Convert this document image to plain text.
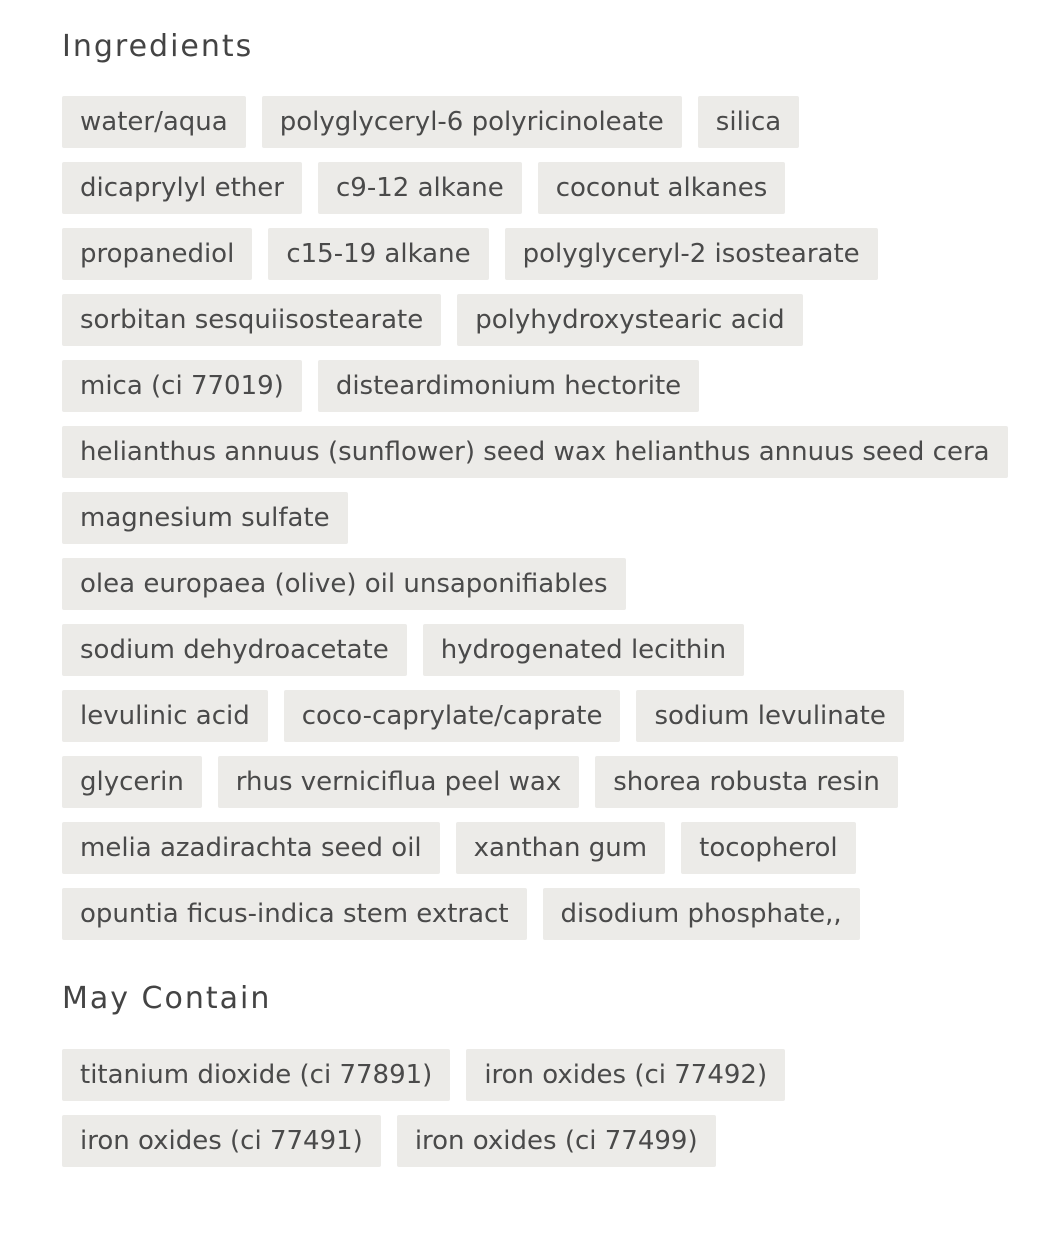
Ingredients
water/aqua	polyglyceryl-6 polyricinoleate	silica
dicaprylyl ether	c9-12 alkane	coconut alkanes
propanediol	c15-19 alkane	polyglyceryl-2 isostearate
sorbitan sesquiisostearate	polyhydroxystearic acid
mica (ci 77019)	disteardimonium hectorite
helianthus annuus (sunflower) seed wax helianthus annuus seed cera
magnesium sulfate
olea europaea (olive) oil unsaponifiables
sodium dehydroacetate	hydrogenated lecithin
levulinic acid	coco-caprylate/caprate	sodium levulinate
glycerin	rhus verniciflua peel wax	shorea robusta resin
melia azadirachta seed oil	xanthan gum	tocopherol
opuntia ficus-indica stem extract	disodium phosphate,,
May Contain
titanium dioxide (ci 77891)	iron oxides (ci 77492)
iron oxides (ci 77491)	iron oxides (ci 77499)
